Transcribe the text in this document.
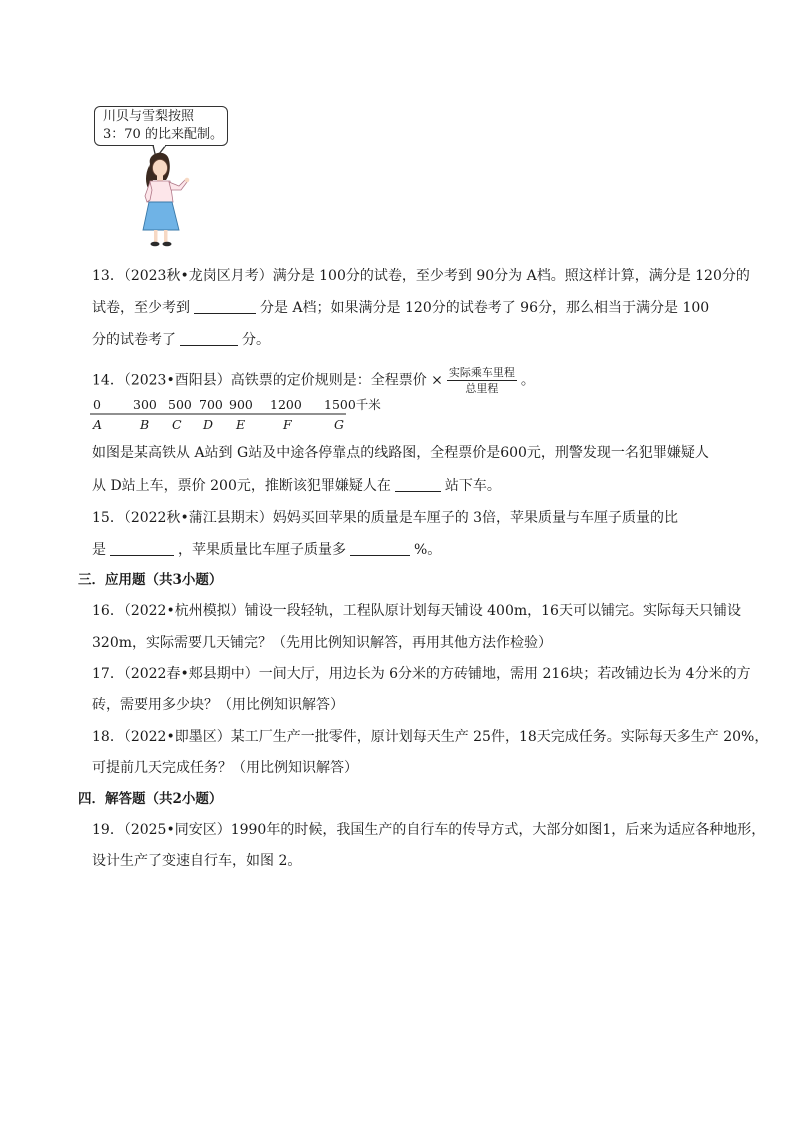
川贝与雪梨按照
3：70 的比来配制。
13．（2023秋•龙岗区月考）满分是 100分的试卷，至少考到 90分为 A档。照这样计算，满分是 120分的
试卷，至少考到	分是 A档；如果满分是 120分的试卷考了 96分，那么相当于满分是 100
分的试卷考了	分。
14．（2023•酉阳县）高铁票的定价规则是：全程票价 × $\frac{\text{实际乘车里程}}{\text{总里程}}$ 。
0	300 500 700 900 1200 1500千米
A	B C D E	F	G
如图是某高铁从 A站到 G站及中途各停靠点的线路图，全程票价是600元，刑警发现一名犯罪嫌疑人
从 D站上车，票价 200元，推断该犯罪嫌疑人在	站下车。
15．（2022秋•蒲江县期末）妈妈买回苹果的质量是车厘子的 3倍，苹果质量与车厘子质量的比
是	，苹果质量比车厘子质量多	%。
三．应用题（共3小题）
16．（2022•杭州模拟）铺设一段轻轨，工程队原计划每天铺设 400m，16天可以铺完。实际每天只铺设
320m，实际需要几天铺完？（先用比例知识解答，再用其他方法作检验）
17．（2022春•郏县期中）一间大厅，用边长为 6分米的方砖铺地，需用 216块；若改铺边长为 4分米的方
砖，需要用多少块？（用比例知识解答）
18．（2022•即墨区）某工厂生产一批零件，原计划每天生产 25件，18天完成任务。实际每天多生产 20%，
可提前几天完成任务？（用比例知识解答）
四．解答题（共2小题）
19．（2025•同安区）1990年的时候，我国生产的自行车的传导方式，大部分如图1，后来为适应各种地形，
设计生产了变速自行车，如图 2。
